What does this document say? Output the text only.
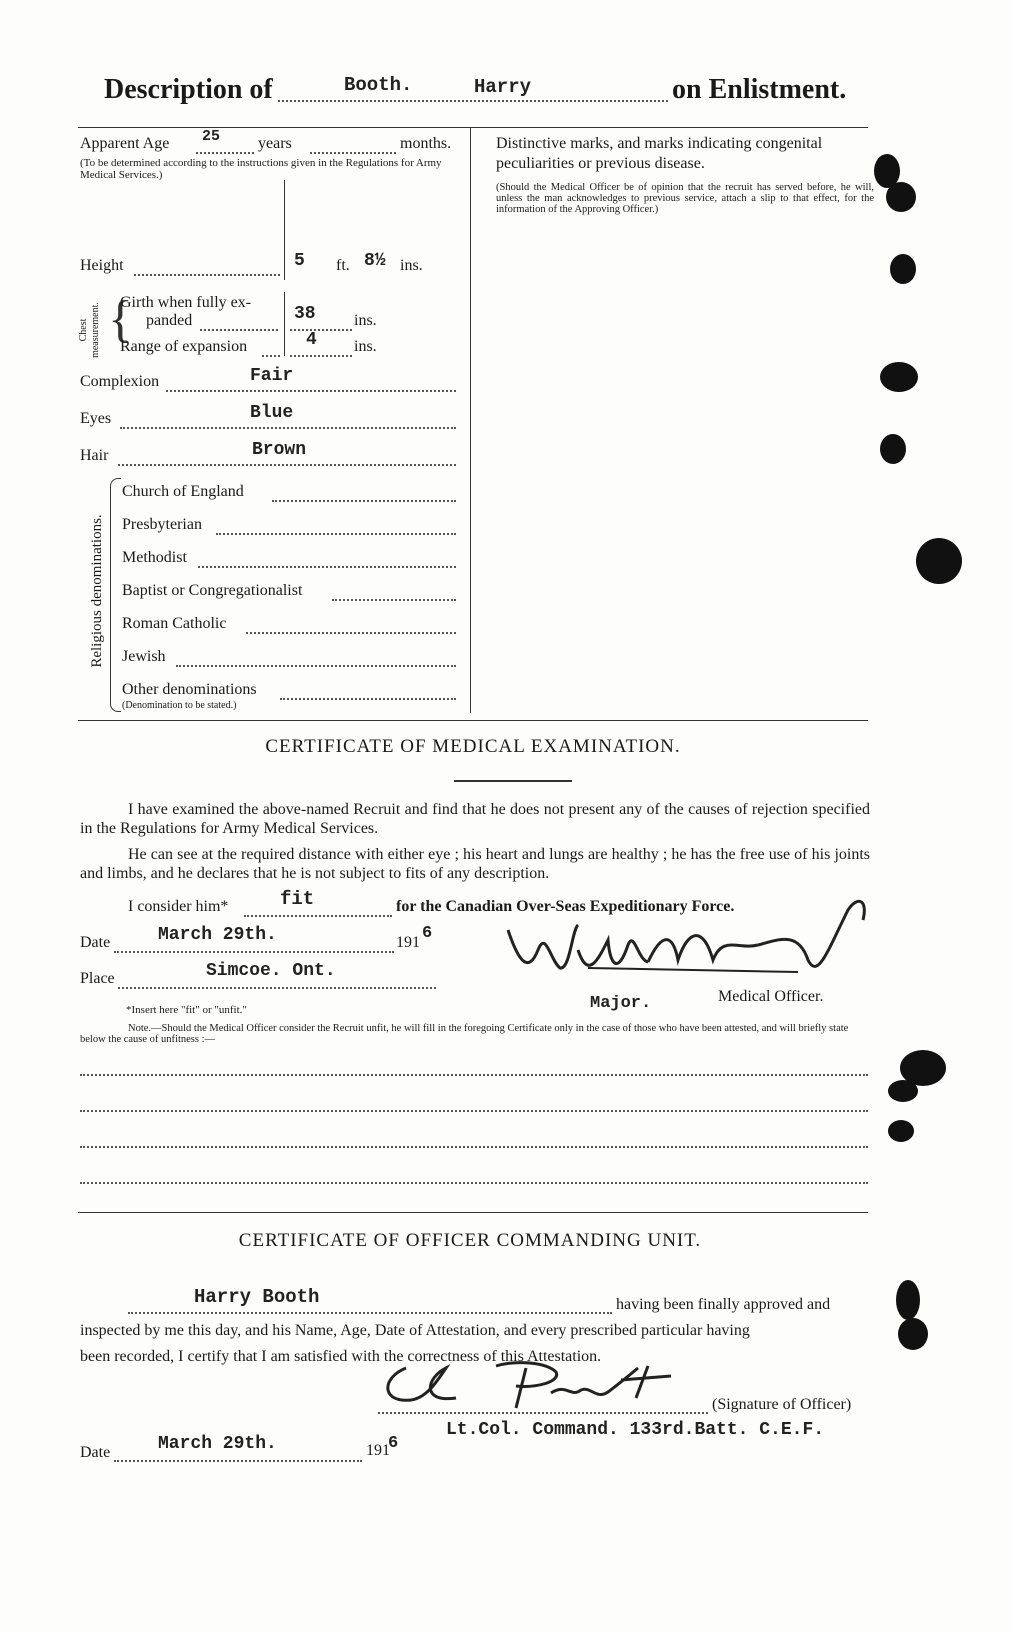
Description of	Booth.	Harry	on Enlistment.
Apparent Age 25 years	months.
(To be determined according to the instructions given in the Regulations for Army Medical Services.)
Height	5 ft. 8½ ins.
Chest measurement. {
Girth when fully ex-
panded	38 ins.
Range of expansion	4 ins.
Complexion	Fair
Eyes	Blue
Hair	Brown
Religious denominations.
Church of England
Presbyterian
Methodist
Baptist or Congregationalist
Roman Catholic
Jewish
Other denominations
(Denomination to be stated.)
Distinctive marks, and marks indicating congenital peculiarities or previous disease.
(Should the Medical Officer be of opinion that the recruit has served before, he will, unless the man acknowledges to previous service, attach a slip to that effect, for the information of the Approving Officer.)
CERTIFICATE OF MEDICAL EXAMINATION.
I have examined the above-named Recruit and find that he does not present any of the causes of rejection specified in the Regulations for Army Medical Services.
He can see at the required distance with either eye ; his heart and lungs are healthy ; he has the free use of his joints and limbs, and he declares that he is not subject to fits of any description.
I consider him*	fit	for the Canadian Over-Seas Expeditionary Force.
Date	March 29th.	191 6
Place	Simcoe. Ont.
Major.	Medical Officer.
*Insert here "fit" or "unfit."
Note.—Should the Medical Officer consider the Recruit unfit, he will fill in the foregoing Certificate only in the case of those who have been attested, and will briefly state below the cause of unfitness :—
CERTIFICATE OF OFFICER COMMANDING UNIT.
Harry Booth	having been finally approved and
inspected by me this day, and his Name, Age, Date of Attestation, and every prescribed particular having
been recorded, I certify that I am satisfied with the correctness of this Attestation.
(Signature of Officer)
Date	March 29th.	191
6
Lt.Col. Command. 133rd.Batt. C.E.F.
